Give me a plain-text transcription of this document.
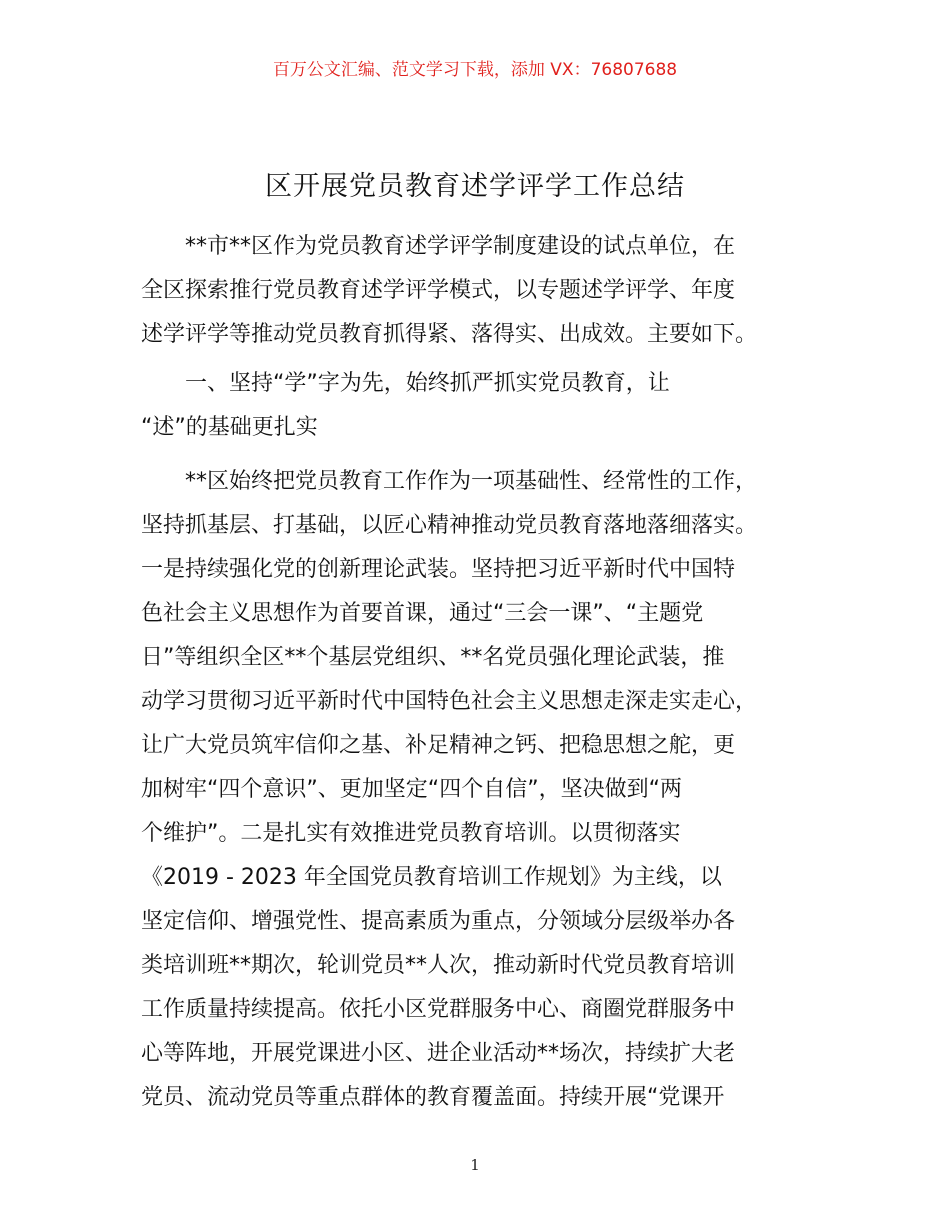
百万公文汇编、范文学习下载，添加 VX：76807688
区开展党员教育述学评学工作总结
**市**区作为党员教育述学评学制度建设的试点单位，在
全区探索推行党员教育述学评学模式，以专题述学评学、年度
述学评学等推动党员教育抓得紧、落得实、出成效。主要如下。
一、坚持“学”字为先，始终抓严抓实党员教育，让
“述”的基础更扎实
**区始终把党员教育工作作为一项基础性、经常性的工作，
坚持抓基层、打基础，以匠心精神推动党员教育落地落细落实。
一是持续强化党的创新理论武装。坚持把习近平新时代中国特
色社会主义思想作为首要首课，通过“三会一课”、“主题党
日”等组织全区**个基层党组织、**名党员强化理论武装，推
动学习贯彻习近平新时代中国特色社会主义思想走深走实走心，
让广大党员筑牢信仰之基、补足精神之钙、把稳思想之舵，更
加树牢“四个意识”、更加坚定“四个自信”，坚决做到“两
个维护”。二是扎实有效推进党员教育培训。以贯彻落实
《2019 - 2023 年全国党员教育培训工作规划》为主线，以
坚定信仰、增强党性、提高素质为重点，分领域分层级举办各
类培训班**期次，轮训党员**人次，推动新时代党员教育培训
工作质量持续提高。依托小区党群服务中心、商圈党群服务中
心等阵地，开展党课进小区、进企业活动**场次，持续扩大老
党员、流动党员等重点群体的教育覆盖面。持续开展“党课开
1
